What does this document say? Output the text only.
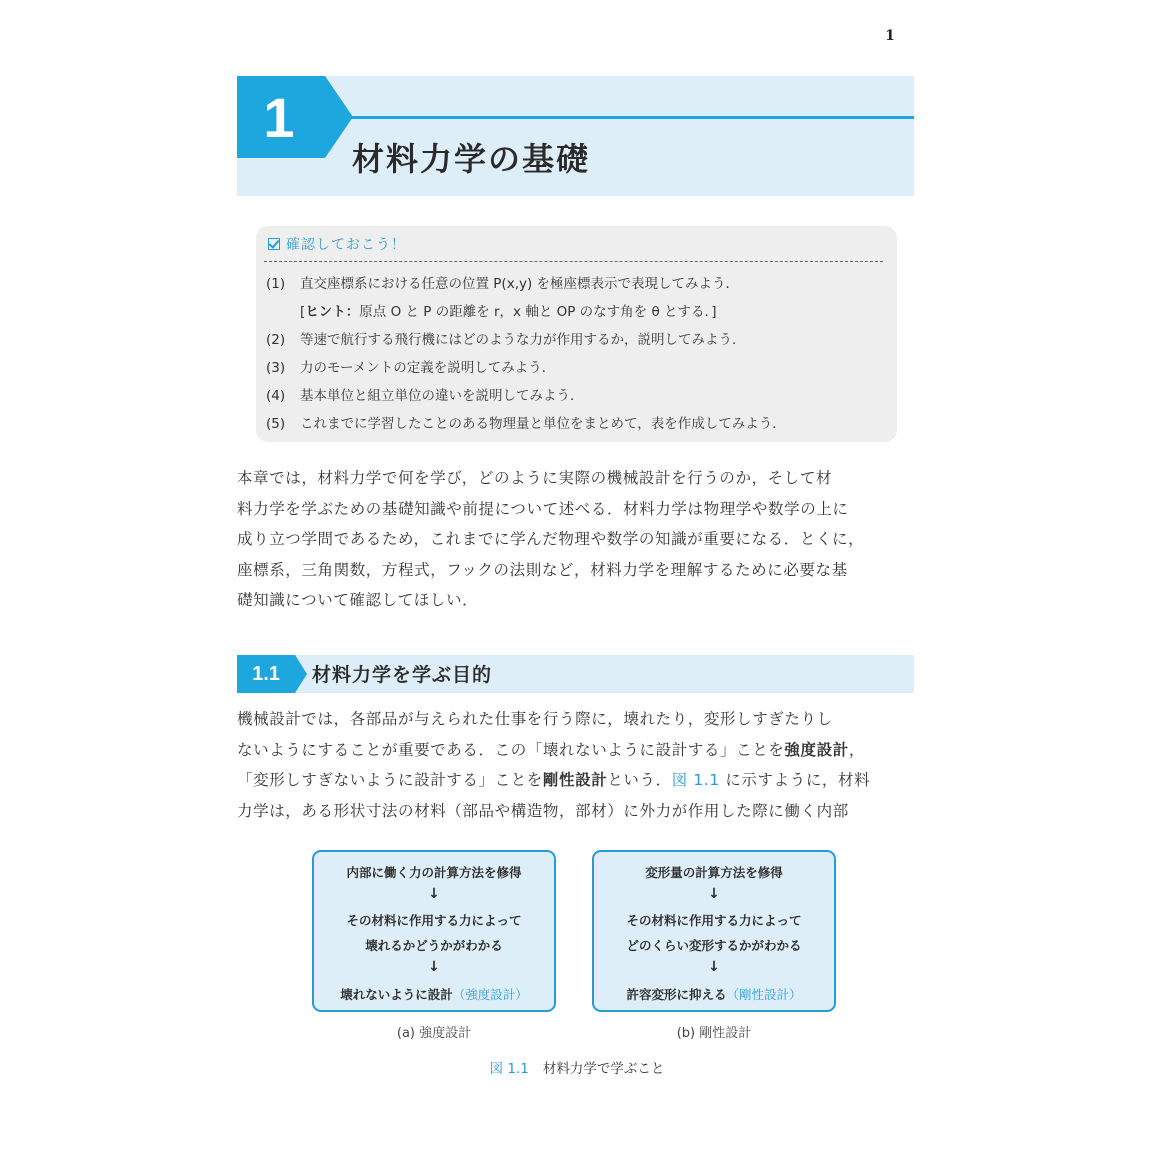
1
1
材料力学の基礎
確認しておこう！
(1)	直交座標系における任意の位置 P(x,y) を極座標表示で表現してみよう．
[ ヒント： 原点 O と P の距離を r，x 軸と OP のなす角を θ とする．]
(2)	等速で航行する飛行機にはどのような力が作用するか，説明してみよう．
(3)	力のモーメントの定義を説明してみよう．
(4)	基本単位と組立単位の違いを説明してみよう．
(5)	これまでに学習したことのある物理量と単位をまとめて，表を作成してみよう．

本章では，材料力学で何を学び，どのように実際の機械設計を行うのか，そして材
料力学を学ぶための基礎知識や前提について述べる．材料力学は物理学や数学の上に
成り立つ学問であるため，これまでに学んだ物理や数学の知識が重要になる．とくに，
座標系，三角関数，方程式，フックの法則など，材料力学を理解するために必要な基
礎知識について確認してほしい．

1.1	材料力学を学ぶ目的

機械設計では，各部品が与えられた仕事を行う際に，壊れたり，変形しすぎたりし
ないようにすることが重要である．この「壊れないように設計する」ことを強度設計，
「変形しすぎないように設計する」ことを剛性設計という．図 1.1 に示すように，材料
力学は，ある形状寸法の材料（部品や構造物，部材）に外力が作用した際に働く内部

内部に働く力の計算方法を修得
↓
その材料に作用する力によって
壊れるかどうかがわかる
↓
壊れないように設計（強度設計）
(a) 強度設計
変形量の計算方法を修得
↓
その材料に作用する力によって
どのくらい変形するかがわかる
↓
許容変形に抑える（剛性設計）
(b) 剛性設計
図 1.1 材料力学で学ぶこと
